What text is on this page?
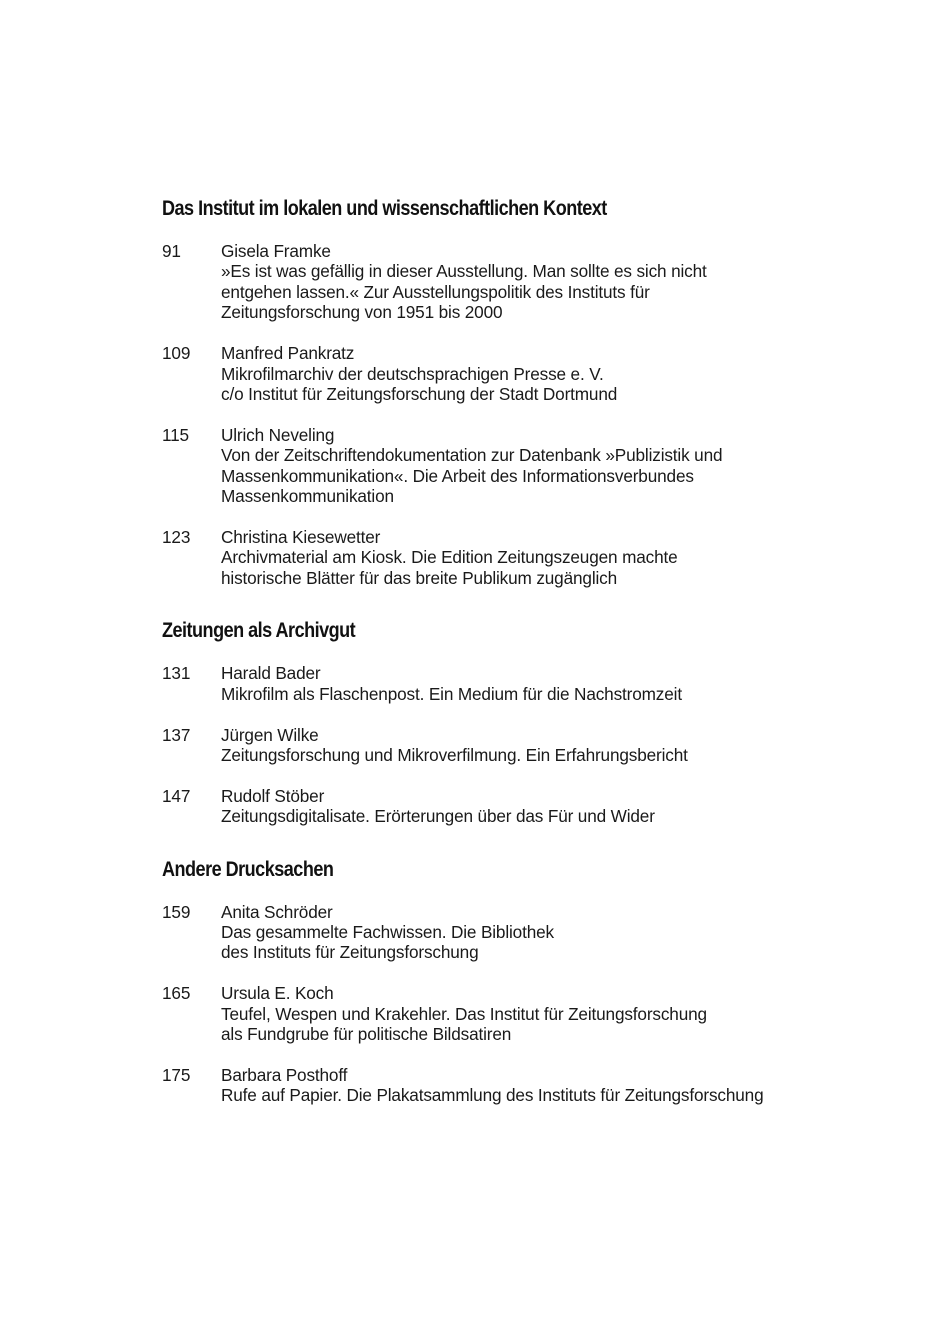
Das Institut im lokalen und wissenschaftlichen Kontext
91	Gisela Framke
»Es ist was gefällig in dieser Ausstellung. Man sollte es sich nicht
entgehen lassen.« Zur Ausstellungspolitik des Instituts für
Zeitungsforschung von 1951 bis 2000
109	Manfred Pankratz
Mikrofilmarchiv der deutschsprachigen Presse e. V.
c/o Institut für Zeitungsforschung der Stadt Dortmund
115	Ulrich Neveling
Von der Zeitschriftendokumentation zur Datenbank »Publizistik und
Massenkommunikation«. Die Arbeit des Informationsverbundes
Massenkommunikation
123	Christina Kiesewetter
Archivmaterial am Kiosk. Die Edition Zeitungszeugen machte
historische Blätter für das breite Publikum zugänglich
Zeitungen als Archivgut
131	Harald Bader
Mikrofilm als Flaschenpost. Ein Medium für die Nachstromzeit
137	Jürgen Wilke
Zeitungsforschung und Mikroverfilmung. Ein Erfahrungsbericht
147	Rudolf Stöber
Zeitungsdigitalisate. Erörterungen über das Für und Wider
Andere Drucksachen
159	Anita Schröder
Das gesammelte Fachwissen. Die Bibliothek
des Instituts für Zeitungsforschung
165	Ursula E. Koch
Teufel, Wespen und Krakehler. Das Institut für Zeitungsforschung
als Fundgrube für politische Bildsatiren
175	Barbara Posthoff
Rufe auf Papier. Die Plakatsammlung des Instituts für Zeitungsforschung
